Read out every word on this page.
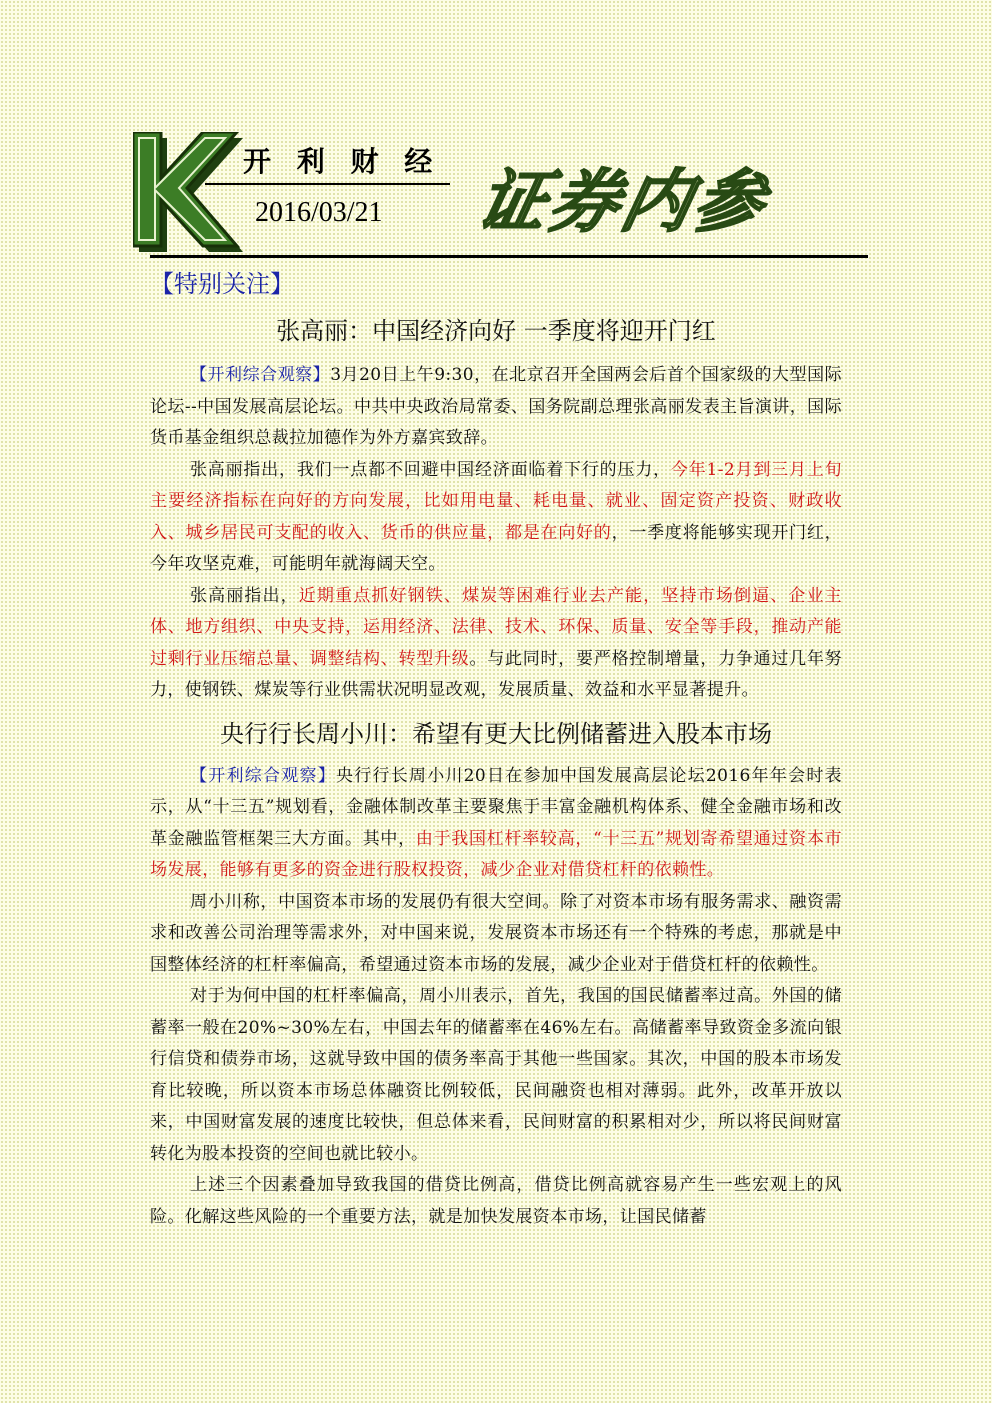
开 利 财 经
2016/03/21 证券内参
【特别关注】
张高丽：中国经济向好 一季度将迎开门红

【开利综合观察】3月20日上午9:30，在北京召开全国两会后首个国家级的大型国际论坛--中国发展高层论坛。中共中央政治局常委、国务院副总理张高丽发表主旨演讲，国际货币基金组织总裁拉加德作为外方嘉宾致辞。

张高丽指出，我们一点都不回避中国经济面临着下行的压力，今年1-2月到三月上旬主要经济指标在向好的方向发展，比如用电量、耗电量、就业、固定资产投资、财政收入、城乡居民可支配的收入、货币的供应量，都是在向好的，一季度将能够实现开门红，今年攻坚克难，可能明年就海阔天空。

张高丽指出，近期重点抓好钢铁、煤炭等困难行业去产能，坚持市场倒逼、企业主体、地方组织、中央支持，运用经济、法律、技术、环保、质量、安全等手段，推动产能过剩行业压缩总量、调整结构、转型升级。与此同时，要严格控制增量，力争通过几年努力，使钢铁、煤炭等行业供需状况明显改观，发展质量、效益和水平显著提升。

央行行长周小川：希望有更大比例储蓄进入股本市场

【开利综合观察】央行行长周小川20日在参加中国发展高层论坛2016年年会时表示，从“十三五”规划看，金融体制改革主要聚焦于丰富金融机构体系、健全金融市场和改革金融监管框架三大方面。其中，由于我国杠杆率较高，“十三五”规划寄希望通过资本市场发展，能够有更多的资金进行股权投资，减少企业对借贷杠杆的依赖性。

周小川称，中国资本市场的发展仍有很大空间。除了对资本市场有服务需求、融资需求和改善公司治理等需求外，对中国来说，发展资本市场还有一个特殊的考虑，那就是中国整体经济的杠杆率偏高，希望通过资本市场的发展，减少企业对于借贷杠杆的依赖性。

对于为何中国的杠杆率偏高，周小川表示，首先，我国的国民储蓄率过高。外国的储蓄率一般在20%~30%左右，中国去年的储蓄率在46%左右。高储蓄率导致资金多流向银行信贷和债券市场，这就导致中国的债务率高于其他一些国家。其次，中国的股本市场发育比较晚，所以资本市场总体融资比例较低，民间融资也相对薄弱。此外，改革开放以来，中国财富发展的速度比较快，但总体来看，民间财富的积累相对少，所以将民间财富转化为股本投资的空间也就比较小。

上述三个因素叠加导致我国的借贷比例高，借贷比例高就容易产生一些宏观上的风险。化解这些风险的一个重要方法，就是加快发展资本市场，让国民储蓄
